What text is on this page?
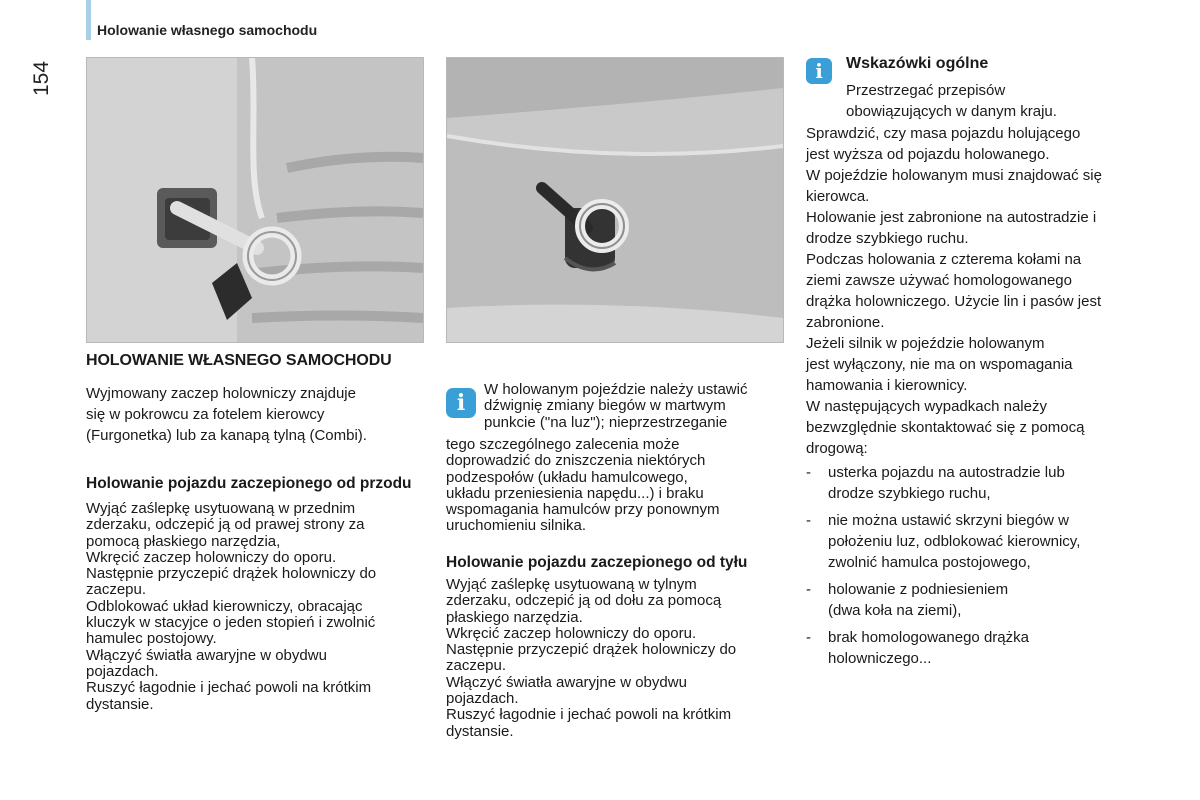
Holowanie własnego samochodu
154
HOLOWANIE WŁASNEGO SAMOCHODU

Wyjmowany zaczep holowniczy znajduje

się w pokrowcu za fotelem kierowcy

(Furgonetka) lub za kanapą tylną (Combi).

Holowanie pojazdu zaczepionego od przodu

Wyjąć zaślepkę usytuowaną w przednim

zderzaku, odczepić ją od prawej strony za

pomocą płaskiego narzędzia,

Wkręcić zaczep holowniczy do oporu.

Następnie przyczepić drążek holowniczy do

zaczepu.

Odblokować układ kierowniczy, obracając

kluczyk w stacyjce o jeden stopień i zwolnić

hamulec postojowy.

Włączyć światła awaryjne w obydwu

pojazdach.

Ruszyć łagodnie i jechać powoli na krótkim

dystansie.

i

W holowanym pojeździe należy ustawić

dźwignię zmiany biegów w martwym

punkcie ("na luz"); nieprzestrzeganie

tego szczególnego zalecenia może

doprowadzić do zniszczenia niektórych

podzespołów (układu hamulcowego,

układu przeniesienia napędu...) i braku

wspomagania hamulców przy ponownym

uruchomieniu silnika.

Holowanie pojazdu zaczepionego od tyłu

Wyjąć zaślepkę usytuowaną w tylnym

zderzaku, odczepić ją od dołu za pomocą

płaskiego narzędzia.

Wkręcić zaczep holowniczy do oporu.

Następnie przyczepić drążek holowniczy do

zaczepu.

Włączyć światła awaryjne w obydwu

pojazdach.

Ruszyć łagodnie i jechać powoli na krótkim

dystansie.

i	Wskazówki ogólne

Przestrzegać przepisów

obowiązujących w danym kraju.

Sprawdzić, czy masa pojazdu holującego

jest wyższa od pojazdu holowanego.

W pojeździe holowanym musi znajdować się

kierowca.

Holowanie jest zabronione na autostradzie i

drodze szybkiego ruchu.

Podczas holowania z czterema kołami na

ziemi zawsze używać homologowanego

drążka holowniczego. Użycie lin i pasów jest

zabronione.

Jeżeli silnik w pojeździe holowanym

jest wyłączony, nie ma on wspomagania

hamowania i kierownicy.

W następujących wypadkach należy

bezwzględnie skontaktować się z pomocą

drogową:

-	usterka pojazdu na autostradzie lub
drodze szybkiego ruchu,
-	nie można ustawić skrzyni biegów w
położeniu luz, odblokować kierownicy,
zwolnić hamulca postojowego,
-	holowanie z podniesieniem
(dwa koła na ziemi),
-	brak homologowanego drążka
holowniczego...
